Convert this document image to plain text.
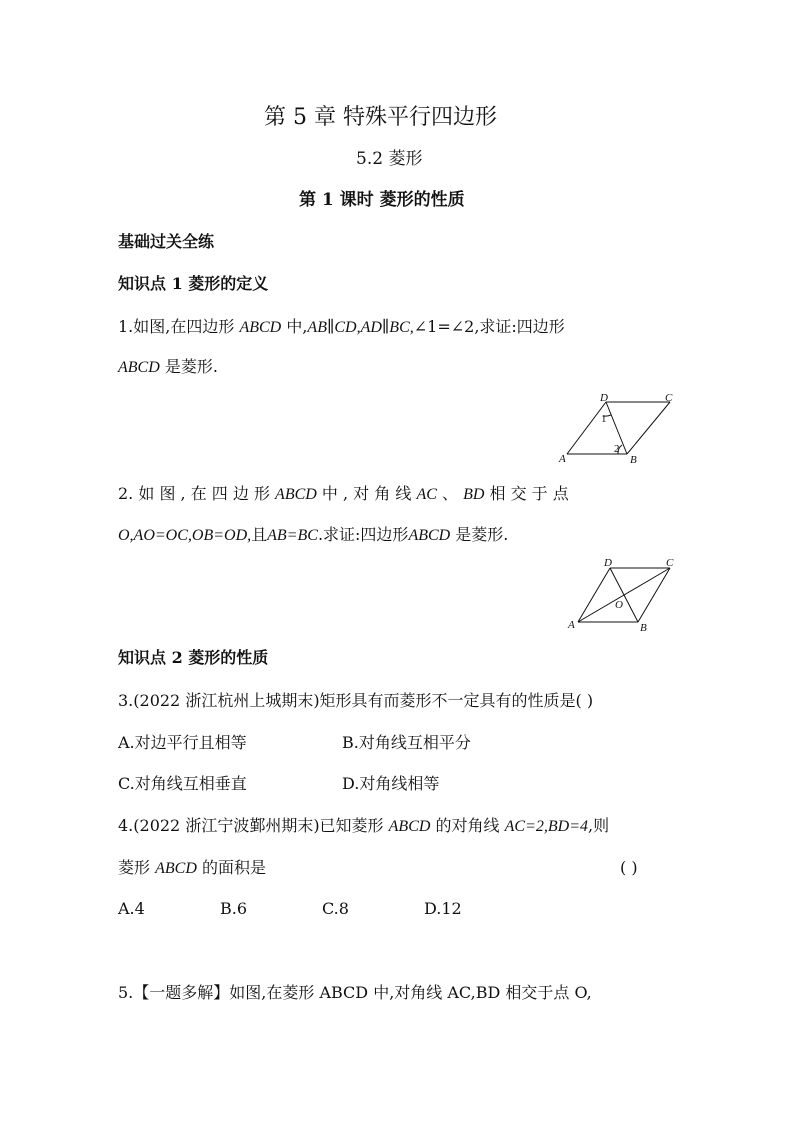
第 5 章 特殊平行四边形
5.2 菱形
第 1 课时 菱形的性质
基础过关全练
知识点 1 菱形的定义
1.如图,在四边形 ABCD 中,AB∥CD,AD∥BC,∠1=∠2,求证:四边形
ABCD 是菱形.
A	B
C
D
1
2
2. 如 图 , 在 四 边 形 ABCD 中 , 对 角 线 AC 、 BD 相 交 于 点
O,AO=OC,OB=OD,且AB=BC.求证:四边形ABCD 是菱形.
A	B
C
D
O
知识点 2 菱形的性质
3.(2022 浙江杭州上城期末)矩形具有而菱形不一定具有的性质是( )
A.对边平行且相等	B.对角线互相平分
C.对角线互相垂直	D.对角线相等
4.(2022 浙江宁波鄞州期末)已知菱形 ABCD 的对角线 AC=2,BD=4,则
菱形 ABCD 的面积是	( )
A.4	B.6	C.8	D.12
5.【一题多解】如图,在菱形 ABCD 中,对角线 AC,BD 相交于点 O,
